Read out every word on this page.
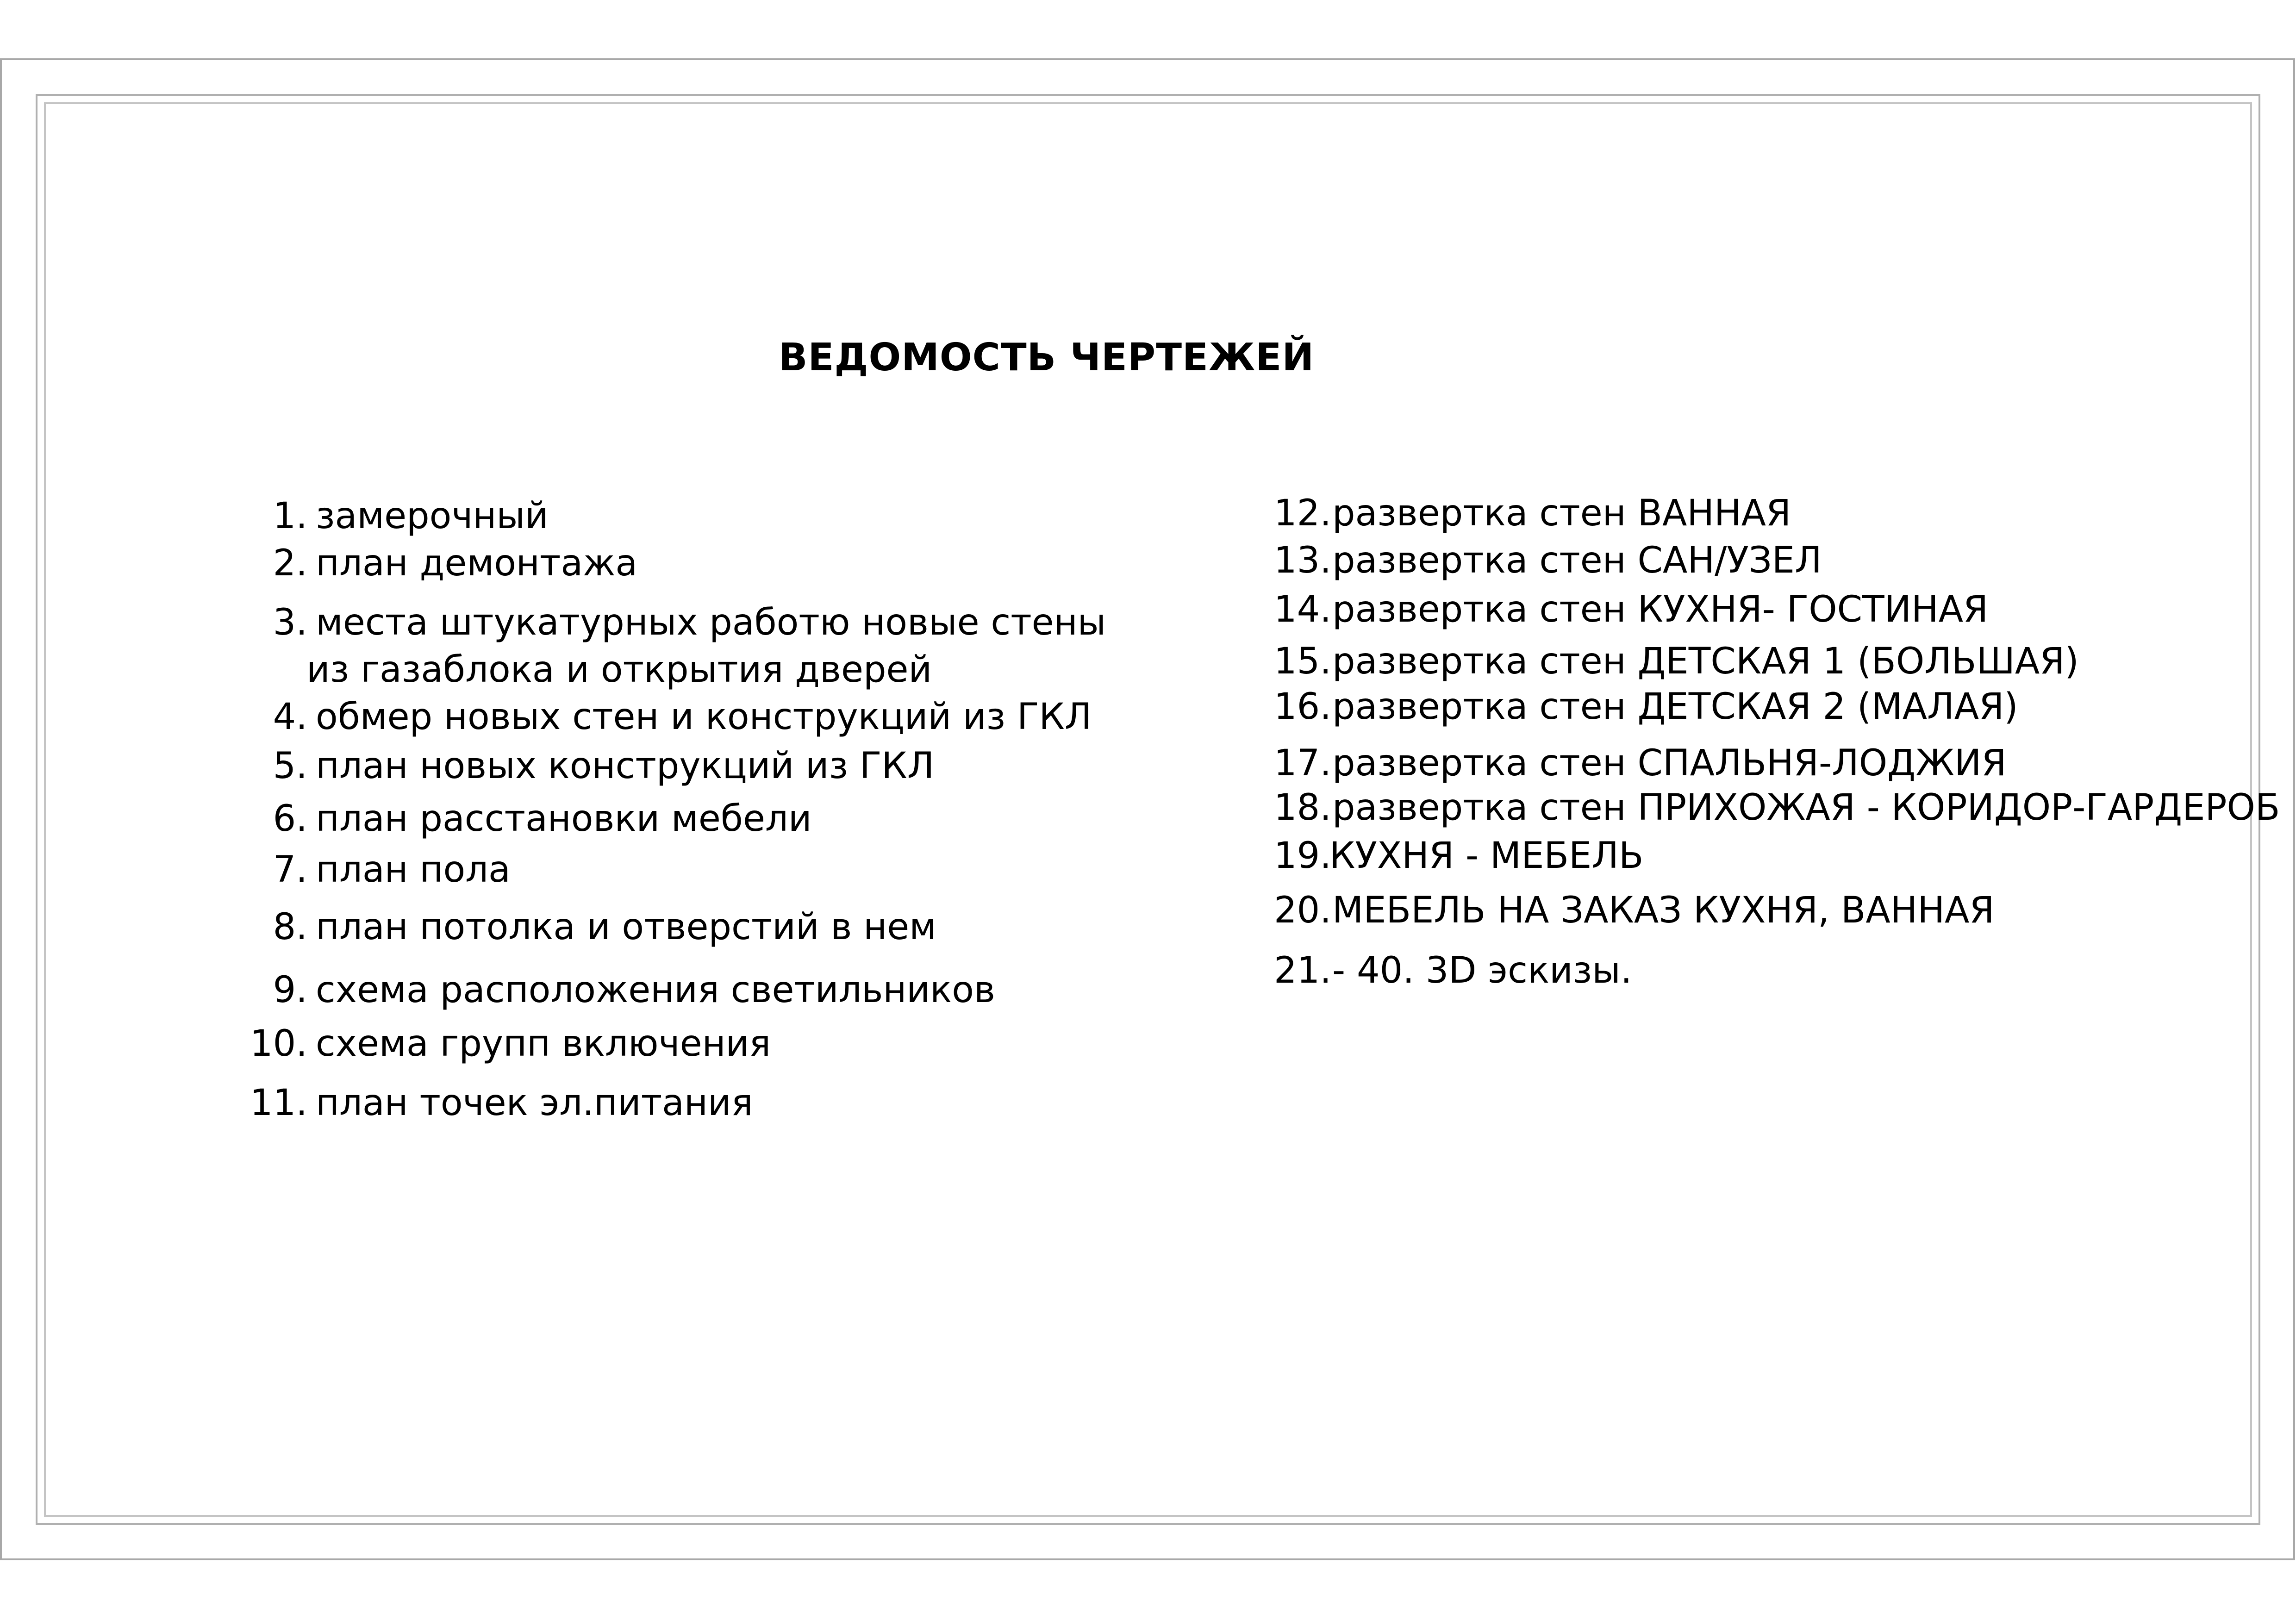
ВЕДОМОСТЬ ЧЕРТЕЖЕЙ
1. замерочный
2. план демонтажа
3. места штукатурных работю новые стены
из газаблока и открытия дверей
4. обмер новых стен и конструкций из ГКЛ
5. план новых конструкций из ГКЛ
6. план расстановки мебели
7. план пола
8. план потолка и отверстий в нем
9. схема расположения светильников
10. схема групп включения
11. план точек эл.питания
12.развертка стен ВАННАЯ
13.развертка стен САН/УЗЕЛ
14.развертка стен КУХНЯ- ГОСТИНАЯ
15.развертка стен ДЕТСКАЯ 1 (БОЛЬШАЯ)
16.развертка стен ДЕТСКАЯ 2 (МАЛАЯ)
17.развертка стен СПАЛЬНЯ-ЛОДЖИЯ
18.развертка стен ПРИХОЖАЯ - КОРИДОР-ГАРДЕРОБ
19.КУХНЯ - МЕБЕЛЬ
20.МЕБЕЛЬ НА ЗАКАЗ КУХНЯ, ВАННАЯ
21.- 40. 3D эскизы.
